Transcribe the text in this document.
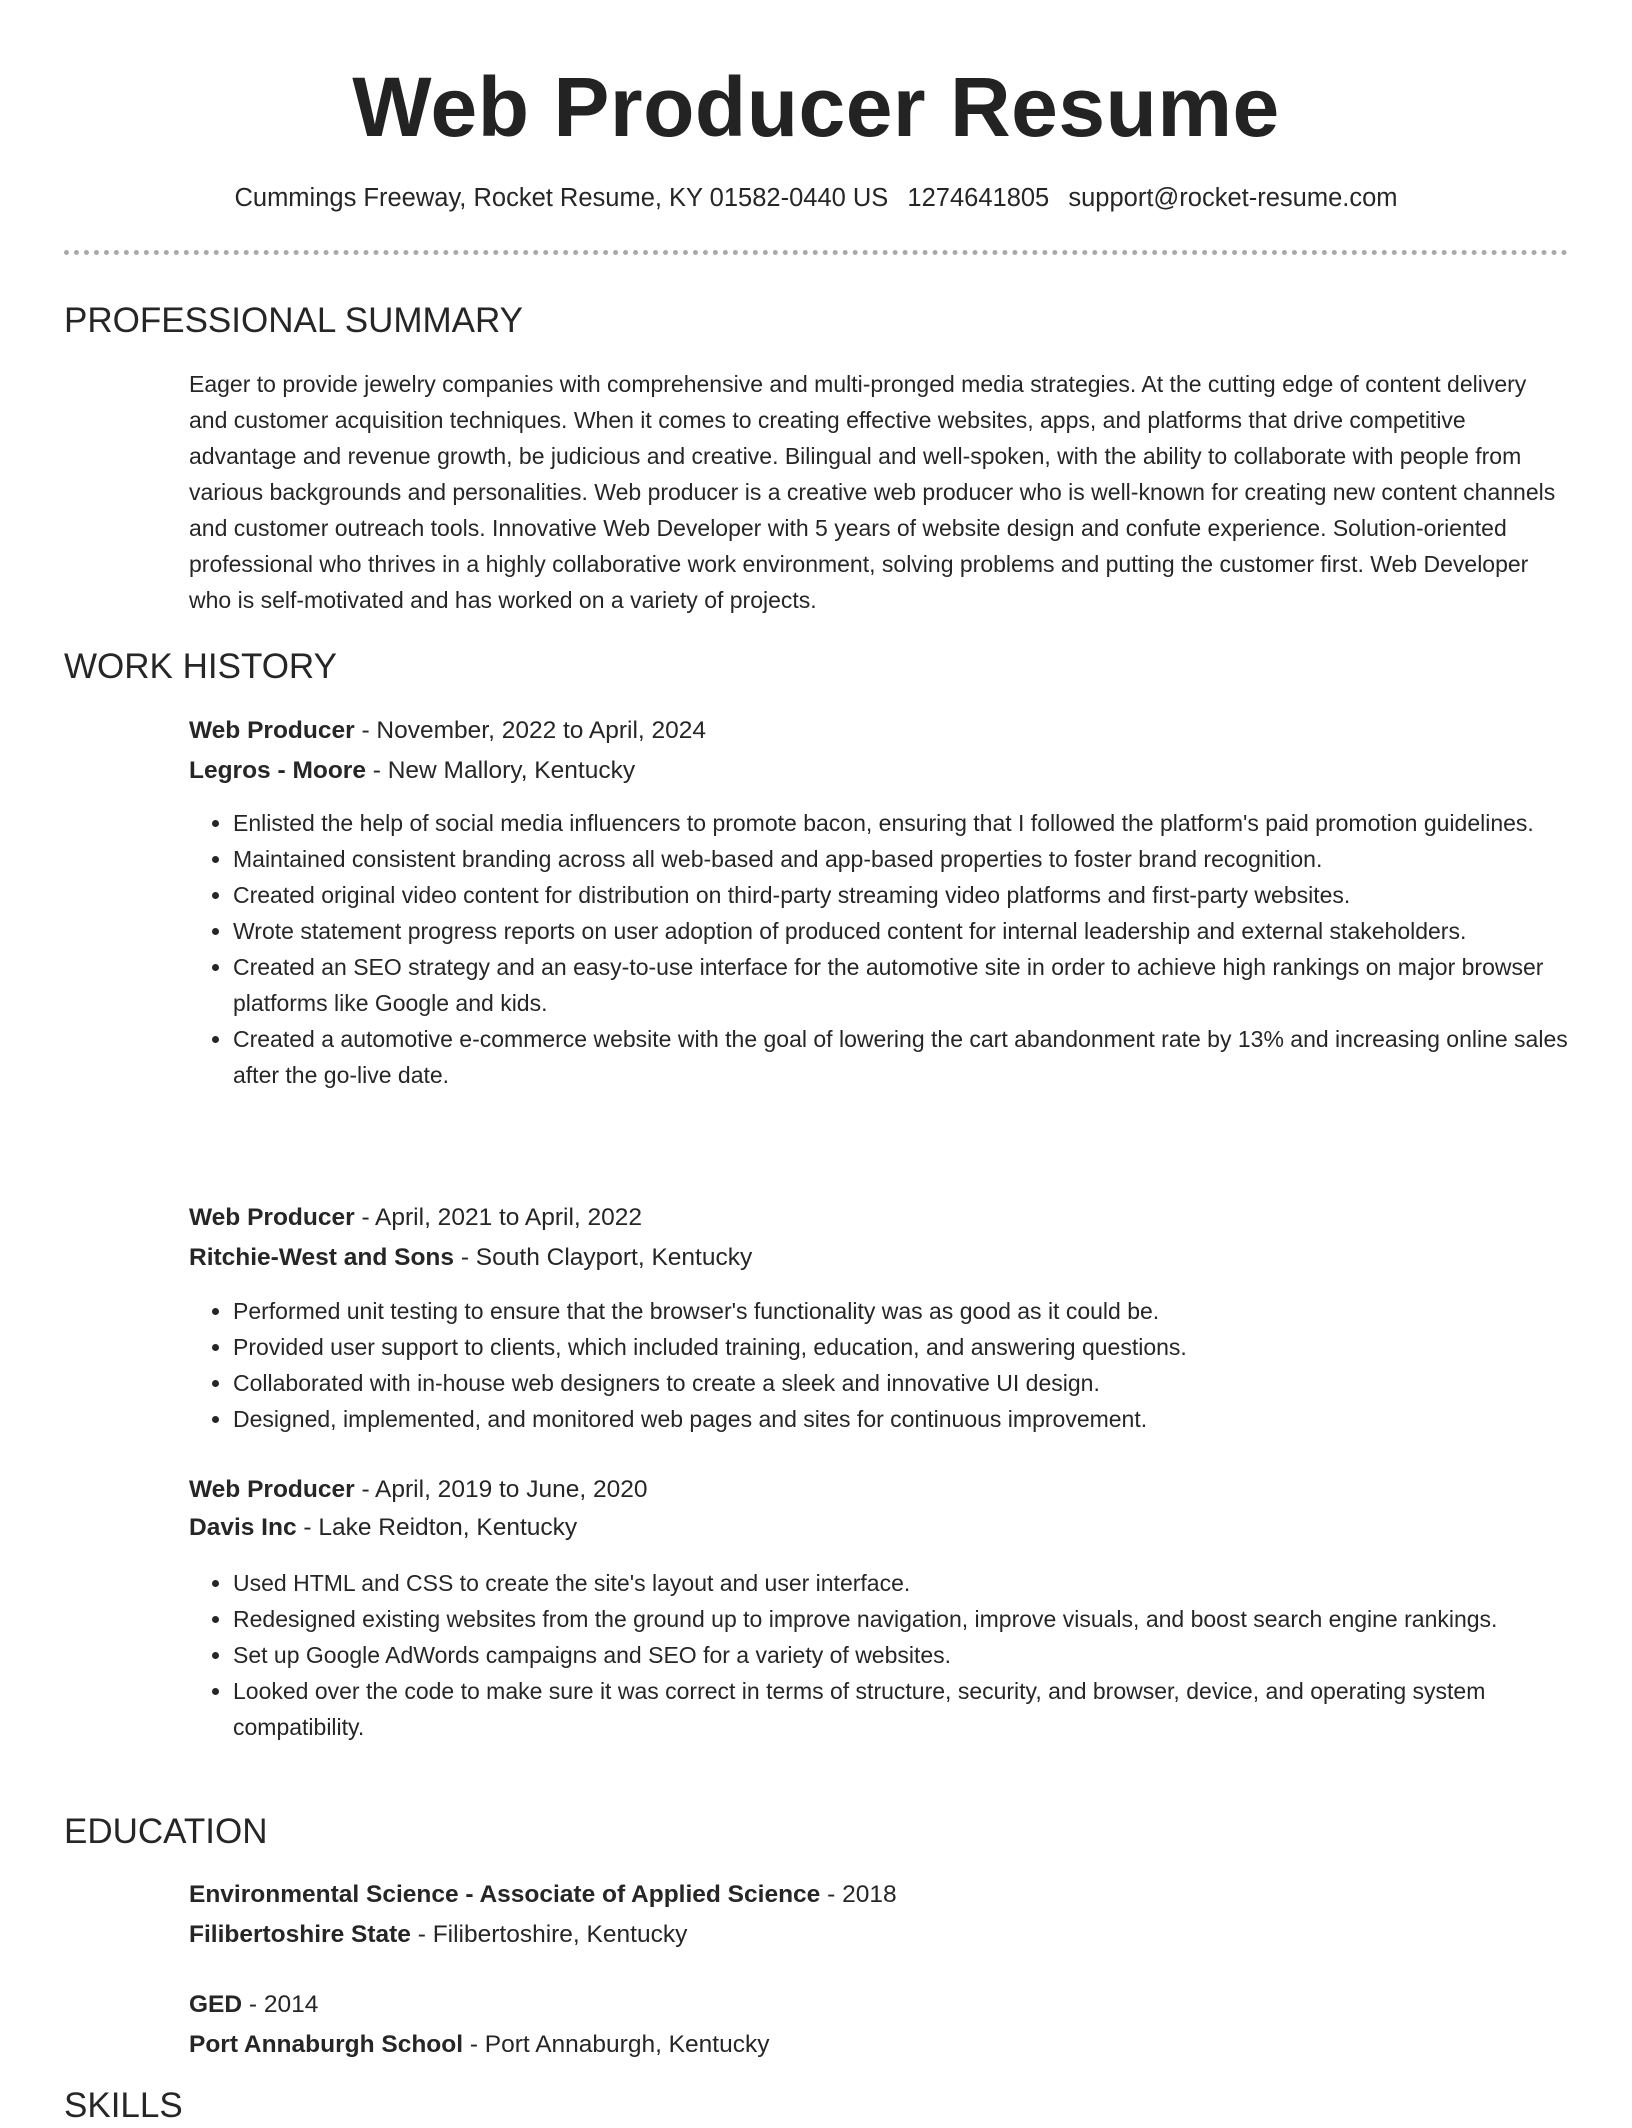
Web Producer Resume
Cummings Freeway, Rocket Resume, KY 01582-0440 US 1274641805 support@rocket-resume.com
PROFESSIONAL SUMMARY

Eager to provide jewelry companies with comprehensive and multi-pronged media strategies. At the cutting edge of content delivery and customer acquisition techniques. When it comes to creating effective websites, apps, and platforms that drive competitive advantage and revenue growth, be judicious and creative. Bilingual and well-spoken, with the ability to collaborate with people from various backgrounds and personalities. Web producer is a creative web producer who is well-known for creating new content channels and customer outreach tools. Innovative Web Developer with 5 years of website design and confute experience. Solution-oriented professional who thrives in a highly collaborative work environment, solving problems and putting the customer first. Web Developer who is self-motivated and has worked on a variety of projects.

WORK HISTORY
Web Producer - November, 2022 to April, 2024
Legros - Moore - New Mallory, Kentucky
• Enlisted the help of social media influencers to promote bacon, ensuring that I followed the platform's paid promotion guidelines.
• Maintained consistent branding across all web-based and app-based properties to foster brand recognition.
• Created original video content for distribution on third-party streaming video platforms and first-party websites.
• Wrote statement progress reports on user adoption of produced content for internal leadership and external stakeholders.
• Created an SEO strategy and an easy-to-use interface for the automotive site in order to achieve high rankings on major browser platforms like Google and kids.
• Created a automotive e-commerce website with the goal of lowering the cart abandonment rate by 13% and increasing online sales after the go-live date.
Web Producer - April, 2021 to April, 2022
Ritchie-West and Sons - South Clayport, Kentucky
• Performed unit testing to ensure that the browser's functionality was as good as it could be.
• Provided user support to clients, which included training, education, and answering questions.
• Collaborated with in-house web designers to create a sleek and innovative UI design.
• Designed, implemented, and monitored web pages and sites for continuous improvement.
Web Producer - April, 2019 to June, 2020
Davis Inc - Lake Reidton, Kentucky
• Used HTML and CSS to create the site's layout and user interface.
• Redesigned existing websites from the ground up to improve navigation, improve visuals, and boost search engine rankings.
• Set up Google AdWords campaigns and SEO for a variety of websites.
• Looked over the code to make sure it was correct in terms of structure, security, and browser, device, and operating system compatibility.
EDUCATION
Environmental Science - Associate of Applied Science - 2018
Filibertoshire State - Filibertoshire, Kentucky
GED - 2014
Port Annaburgh School - Port Annaburgh, Kentucky
SKILLS
